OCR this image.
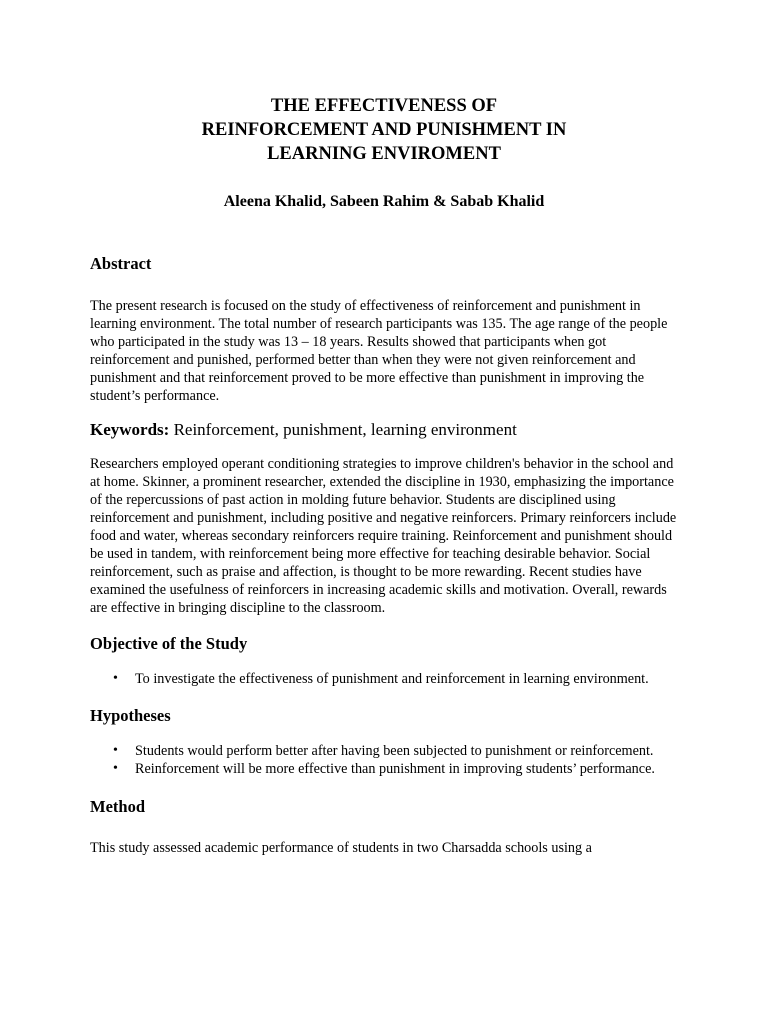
THE EFFECTIVENESS OF
REINFORCEMENT AND PUNISHMENT IN
LEARNING ENVIROMENT
Aleena Khalid, Sabeen Rahim & Sabab Khalid
Abstract

The present research is focused on the study of effectiveness of reinforcement and punishment in learning environment. The total number of research participants was 135. The age range of the people who participated in the study was 13 – 18 years. Results showed that participants when got reinforcement and punished, performed better than when they were not given reinforcement and punishment and that reinforcement proved to be more effective than punishment in improving the student’s performance.

Keywords: Reinforcement, punishment, learning environment

Researchers employed operant conditioning strategies to improve children's behavior in the school and at home. Skinner, a prominent researcher, extended the discipline in 1930, emphasizing the importance of the repercussions of past action in molding future behavior. Students are disciplined using reinforcement and punishment, including positive and negative reinforcers. Primary reinforcers include food and water, whereas secondary reinforcers require training. Reinforcement and punishment should be used in tandem, with reinforcement being more effective for teaching desirable behavior. Social reinforcement, such as praise and affection, is thought to be more rewarding. Recent studies have examined the usefulness of reinforcers in increasing academic skills and motivation. Overall, rewards are effective in bringing discipline to the classroom.

Objective of the Study
• To investigate the effectiveness of punishment and reinforcement in learning environment.
Hypotheses
• Students would perform better after having been subjected to punishment or reinforcement.
• Reinforcement will be more effective than punishment in improving students’ performance.
Method

This study assessed academic performance of students in two Charsadda schools using a
